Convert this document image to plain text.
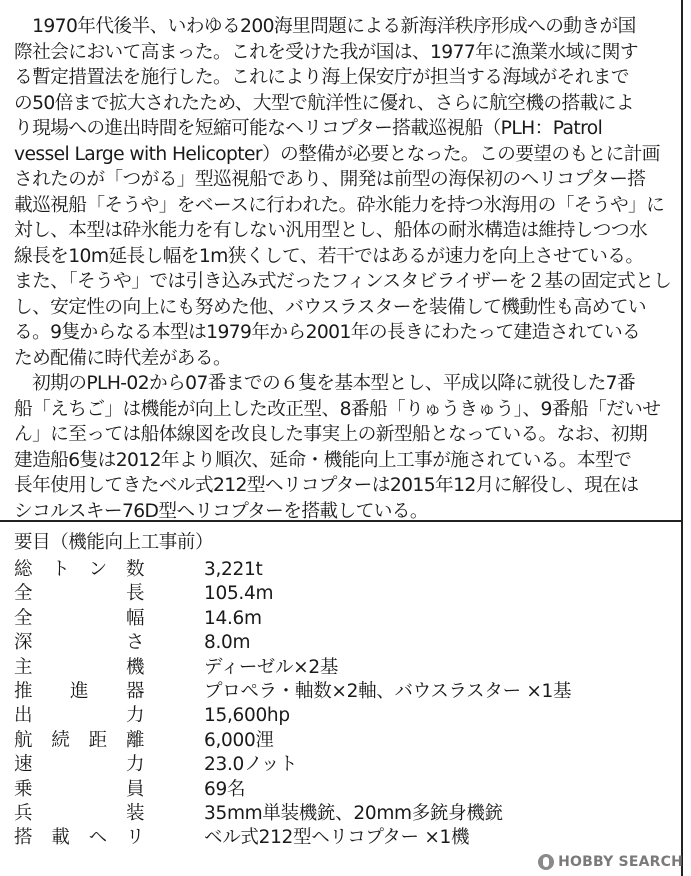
　1970年代後半、いわゆる200海里問題による新海洋秩序形成への動きが国
際社会において高まった。これを受けた我が国は、1977年に漁業水域に関す
る暫定措置法を施行した。これにより海上保安庁が担当する海域がそれまで
の50倍まで拡大されたため、大型で航洋性に優れ、さらに航空機の搭載によ
り現場への進出時間を短縮可能なヘリコプター搭載巡視船（PLH：Patrol
vessel Large with Helicopter）の整備が必要となった。この要望のもとに計画
されたのが「つがる」型巡視船であり、開発は前型の海保初のヘリコプター搭
載巡視船「そうや」をベースに行われた。砕氷能力を持つ氷海用の「そうや」に
対し、本型は砕氷能力を有しない汎用型とし、船体の耐氷構造は維持しつつ水
線長を10m延長し幅を1m狭くして、若干ではあるが速力を向上させている。
また、「そうや」では引き込み式だったフィンスタビライザーを２基の固定式とし
し、安定性の向上にも努めた他、バウスラスターを装備して機動性も高めてい
る。9隻からなる本型は1979年から2001年の長きにわたって建造されている
ため配備に時代差がある。
　初期のPLH-02から07番までの６隻を基本型とし、平成以降に就役した7番
船「えちご」は機能が向上した改正型、8番船「りゅうきゅう」、9番船「だいせ
ん」に至っては船体線図を改良した事実上の新型船となっている。なお、初期
建造船6隻は2012年より順次、延命・機能向上工事が施されている。本型で
長年使用してきたベル式212型ヘリコプターは2015年12月に解役し、現在は
シコルスキー76D型ヘリコプターを搭載している。
要目（機能向上工事前）
総 ト ン 数	3,221t
全	長	105.4m
全	幅	14.6m
深	さ	8.0m
主	機	ディーゼル×2基
推 進 器	プロペラ・軸数×2軸、バウスラスター ×1基
出	力	15,600hp
航 続 距 離	6,000浬
速	力	23.0ノット
乗	員	69名
兵	装	35mm単装機銃、20mm多銃身機銃
搭 載 ヘ リ	ベル式212型ヘリコプター ×1機
HOBBY SEARCH
